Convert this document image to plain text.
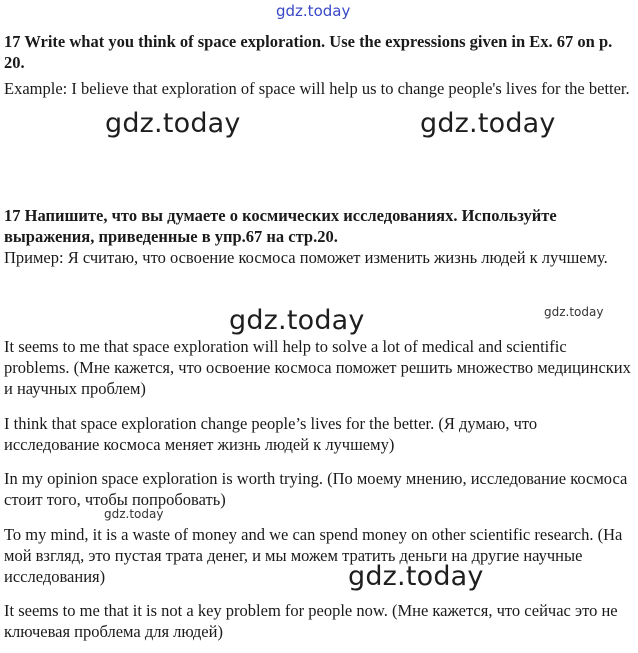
gdz.today

17 Write what you think of space exploration. Use the expressions given in Ex. 67 on p. 20.

Example: I believe that exploration of space will help us to change people's lives for the better.

gdz.today	gdz.today

17 Напишите, что вы думаете о космических исследованиях. Используйте выражения, приведенные в упр.67 на стр.20.

Пример: Я считаю, что освоение космоса поможет изменить жизнь людей к лучшему.

gdz.today	gdz.today

It seems to me that space exploration will help to solve a lot of medical and scientific problems. (Мне кажется, что освоение космоса поможет решить множество медицинских и научных проблем)

I think that space exploration change people’s lives for the better. (Я думаю, что исследование космоса меняет жизнь людей к лучшему)

In my opinion space exploration is worth trying. (По моему мнению, исследование космоса стоит того, чтобы попробовать)

gdz.today

To my mind, it is a waste of money and we can spend money on other scientific research. (На мой взгляд, это пустая трата денег, и мы можем тратить деньги на другие научные исследования)	gdz.today

It seems to me that it is not a key problem for people now. (Мне кажется, что сейчас это не ключевая проблема для людей)
